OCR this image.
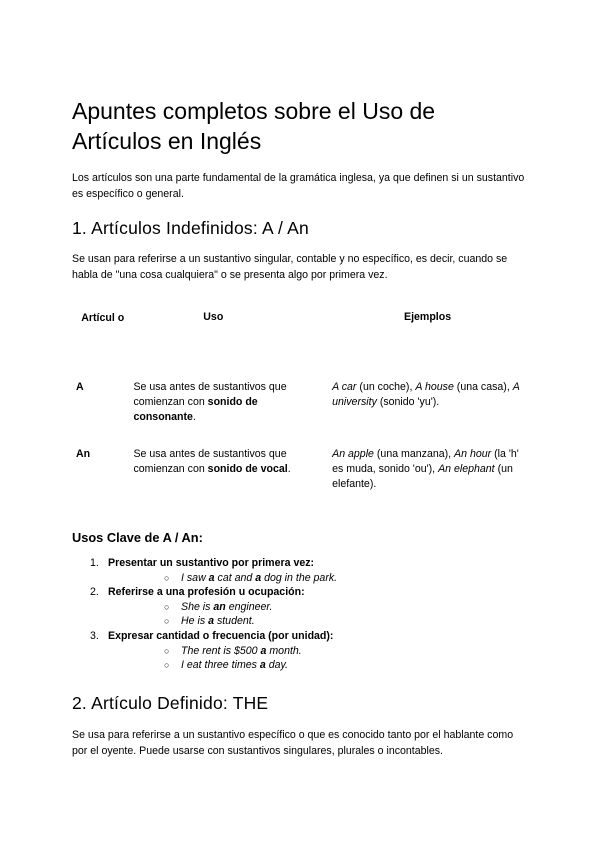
Apuntes completos sobre el Uso de Artículos en Inglés

Los artículos son una parte fundamental de la gramática inglesa, ya que definen si un sustantivo es específico o general.

1. Artículos Indefinidos: A / An

Se usan para referirse a un sustantivo singular, contable y no específico, es decir, cuando se habla de "una cosa cualquiera" o se presenta algo por primera vez.

Artícul o	Uso	Ejemplos
A	Se usa antes de sustantivos que comienzan con sonido de consonante.	A car (un coche), A house (una casa), A university (sonido 'yu').
An	Se usa antes de sustantivos que comienzan con sonido de vocal.	An apple (una manzana), An hour (la 'h' es muda, sonido 'ou'), An elephant (un elefante).
Usos Clave de A / An:
1. Presentar un sustantivo por primera vez:
○ I saw a cat and a dog in the park.
2. Referirse a una profesión u ocupación:
○ She is an engineer.
○ He is a student.
3. Expresar cantidad o frecuencia (por unidad):
○ The rent is $500 a month.
○ I eat three times a day.
2. Artículo Definido: THE

Se usa para referirse a un sustantivo específico o que es conocido tanto por el hablante como por el oyente. Puede usarse con sustantivos singulares, plurales o incontables.
